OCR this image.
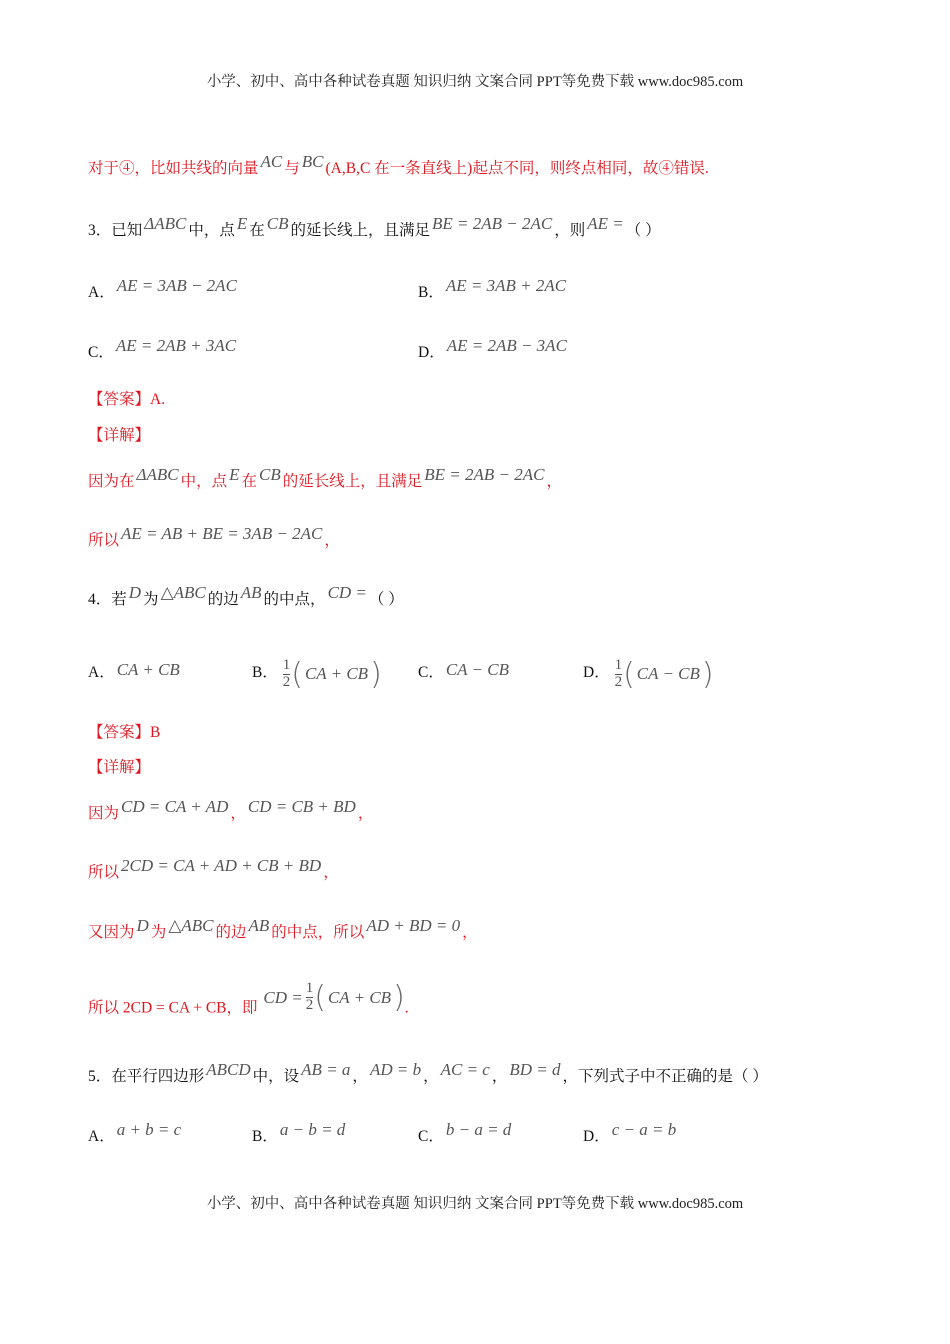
小学、初中、高中各种试卷真题 知识归纳 文案合同 PPT等免费下载 www.doc985.com
对于④，比如共线的向量 AC 与 BC (A,B,C 在一条直线上)起点不同，则终点相同，故④错误.
3．已知 ΔABC 中，点 E 在 CB 的延长线上，且满足 BE = 2AB − 2AC ，则 AE = （ ）
A． AE = 3AB − 2AC	B． AE = 3AB + 2AC
C． AE = 2AB + 3AC	D． AE = 2AB − 3AC
【答案】A.
【详解】
因为在 ΔABC 中，点 E 在 CB 的延长线上，且满足 BE = 2AB − 2AC ，
所以 AE = AB + BE = 3AB − 2AC ，
4．若 D 为 △ABC 的边 AB 的中点， CD = （ ）
A． CA + CB	B． $\frac{1}{2}$ ( CA + CB ) C． CA − CB	D． $\frac{1}{2}$ ( CA − CB )
【答案】B
【详解】
因为 CD = CA + AD ， CD = CB + BD ，
所以 2CD = CA + AD + CB + BD ，
又因为 D 为 △ABC 的边 AB 的中点，所以 AD + BD = 0 ，
所以 2CD = CA + CB，即
CD = $\frac{1}{2}$ ( CA + CB ) .
5．在平行四边形 ABCD 中，设 AB = a ， AD = b ， AC = c ， BD = d ，下列式子中不正确的是（ ）
A． a + b = c	B． a − b = d	C． b − a = d	D． c − a = b
小学、初中、高中各种试卷真题 知识归纳 文案合同 PPT等免费下载 www.doc985.com
